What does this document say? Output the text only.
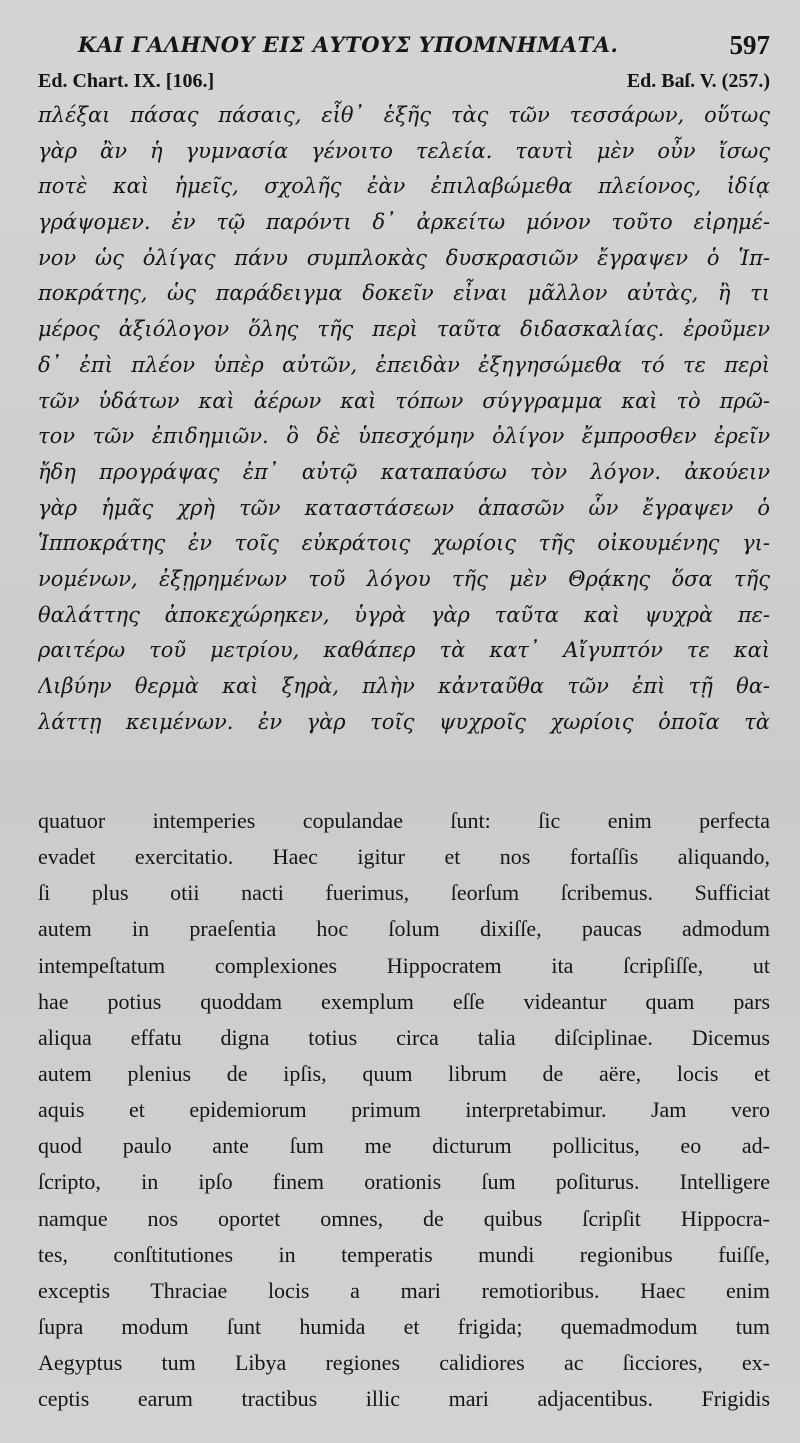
ΚΑΙ ΓΑΛΗΝΟΥ ΕΙΣ ΑΥΤΟΥΣ ΥΠΟΜΝΗΜΑΤΑ.	597
Ed. Chart. IX. [106.]	Ed. Baſ. V. (257.)
πλέξαι πάσας πάσαις, εἶθ᾽ ἑξῆς τὰς τῶν τεσσάρων, οὕτως
γὰρ ἂν ἡ γυμνασία γένοιτο τελεία. ταυτὶ μὲν οὖν ἴσως
ποτὲ καὶ ἡμεῖς, σχολῆς ἐὰν ἐπιλαβώμεθα πλείονος, ἰδίᾳ
γράψομεν. ἐν τῷ παρόντι δ᾽ ἀρκείτω μόνον τοῦτο εἰρημέ-
νον ὡς ὀλίγας πάνυ συμπλοκὰς δυσκρασιῶν ἔγραψεν ὁ Ἱπ-
ποκράτης, ὡς παράδειγμα δοκεῖν εἶναι μᾶλλον αὐτὰς, ἢ τι
μέρος ἀξιόλογον ὅλης τῆς περὶ ταῦτα διδασκαλίας. ἐροῦμεν
δ᾽ ἐπὶ πλέον ὑπὲρ αὐτῶν, ἐπειδὰν ἐξηγησώμεθα τό τε περὶ
τῶν ὑδάτων καὶ ἀέρων καὶ τόπων σύγγραμμα καὶ τὸ πρῶ-
τον τῶν ἐπιδημιῶν. ὃ δὲ ὑπεσχόμην ὀλίγον ἔμπροσθεν ἐρεῖν
ἤδη προγράψας ἐπ᾽ αὐτῷ καταπαύσω τὸν λόγον. ἀκούειν
γὰρ ἡμᾶς χρὴ τῶν καταστάσεων ἁπασῶν ὧν ἔγραψεν ὁ
Ἱπποκράτης ἐν τοῖς εὐκράτοις χωρίοις τῆς οἰκουμένης γι-
νομένων, ἐξῃρημένων τοῦ λόγου τῆς μὲν Θρᾴκης ὅσα τῆς
θαλάττης ἀποκεχώρηκεν, ὑγρὰ γὰρ ταῦτα καὶ ψυχρὰ πε-
ραιτέρω τοῦ μετρίου, καθάπερ τὰ κατ᾽ Αἴγυπτόν τε καὶ
Λιβύην θερμὰ καὶ ξηρὰ, πλὴν κἀνταῦθα τῶν ἐπὶ τῇ θα-
λάττῃ κειμένων. ἐν γὰρ τοῖς ψυχροῖς χωρίοις ὁποῖα τὰ
quatuor intemperies copulandae ſunt: ſic enim perfecta
evadet exercitatio. Haec igitur et nos fortaſſis aliquando,
ſi plus otii nacti fuerimus, ſeorſum ſcribemus. Sufficiat
autem in praeſentia hoc ſolum dixiſſe, paucas admodum
intempeſtatum complexiones Hippocratem ita ſcripſiſſe, ut
hae potius quoddam exemplum eſſe videantur quam pars
aliqua effatu digna totius circa talia diſciplinae. Dicemus
autem plenius de ipſis, quum librum de aëre, locis et
aquis et epidemiorum primum interpretabimur. Jam vero
quod paulo ante ſum me dicturum pollicitus, eo ad-
ſcripto, in ipſo finem orationis ſum poſiturus. Intelligere
namque nos oportet omnes, de quibus ſcripſit Hippocra-
tes, conſtitutiones in temperatis mundi regionibus fuiſſe,
exceptis Thraciae locis a mari remotioribus. Haec enim
ſupra modum ſunt humida et frigida; quemadmodum tum
Aegyptus tum Libya regiones calidiores ac ſicciores, ex-
ceptis earum tractibus illic mari adjacentibus. Frigidis
